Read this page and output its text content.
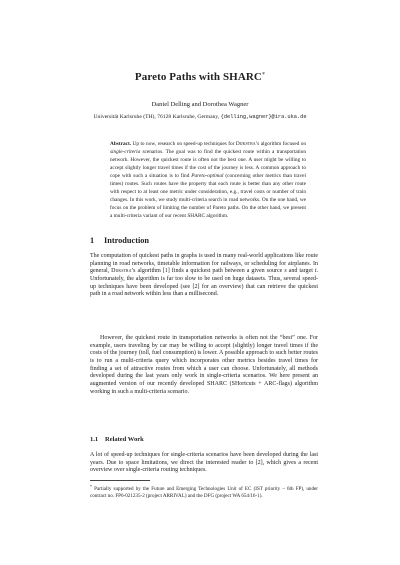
Pareto Paths with SHARC*
Daniel Delling and Dorothea Wagner
Universität Karlsruhe (TH), 76128 Karlsruhe, Germany, {delling,wagner}@ira.uka.de
Abstract. Up to now, research on speed-up techniques for Dijkstra’s algorithm focused on single-criteria scenarios. The goal was to find the quickest route within a transportation network. However, the quickest route is often not the best one. A user might be willing to accept slightly longer travel times if the cost of the journey is less. A common approach to cope with such a situation is to find Pareto-optimal (concerning other metrics than travel times) routes. Such routes have the property that each route is better than any other route with respect to at least one metric under consideration, e.g., travel costs or number of train changes. In this work, we study multi-criteria search in road networks. On the one hand, we focus on the problem of limiting the number of Pareto paths. On the other hand, we present a multi-criteria variant of our recent SHARC algorithm.
1 Introduction
The computation of quickest paths in graphs is used in many real-world applications like route planning in road networks, timetable information for railways, or scheduling for airplanes. In general, Dijkstra’s algorithm [1] finds a quickest path between a given source s and target t. Unfortunately, the algorithm is far too slow to be used on huge datasets. Thus, several speed-up techniques have been developed (see [2] for an overview) that can retrieve the quickest path in a road network within less than a millisecond.
However, the quickest route in transportation networks is often not the “best” one. For example, users traveling by car may be willing to accept (slightly) longer travel times if the costs of the journey (toll, fuel consumption) is lower. A possible approach to such better routes is to run a multi-criteria query which incorporates other metrics besides travel times for finding a set of attractive routes from which a user can choose. Unfortunately, all methods developed during the last years only work in single-criteria scenarios. We here present an augmented version of our recently developed SHARC (SHortcuts + ARC-flags) algorithm working in such a multi-criteria scenario.
1.1 Related Work
A lot of speed-up techniques for single-criteria scenarios have been developed during the last years. Due to space limitations, we direct the interested reader to [2], which gives a recent overview over single-criteria routing techniques.
* Partially supported by the Future and Emerging Technologies Unit of EC (IST priority – 6th FP), under contract no. FP6-021235-2 (project ARRIVAL) and the DFG (project WA 654/16-1).
